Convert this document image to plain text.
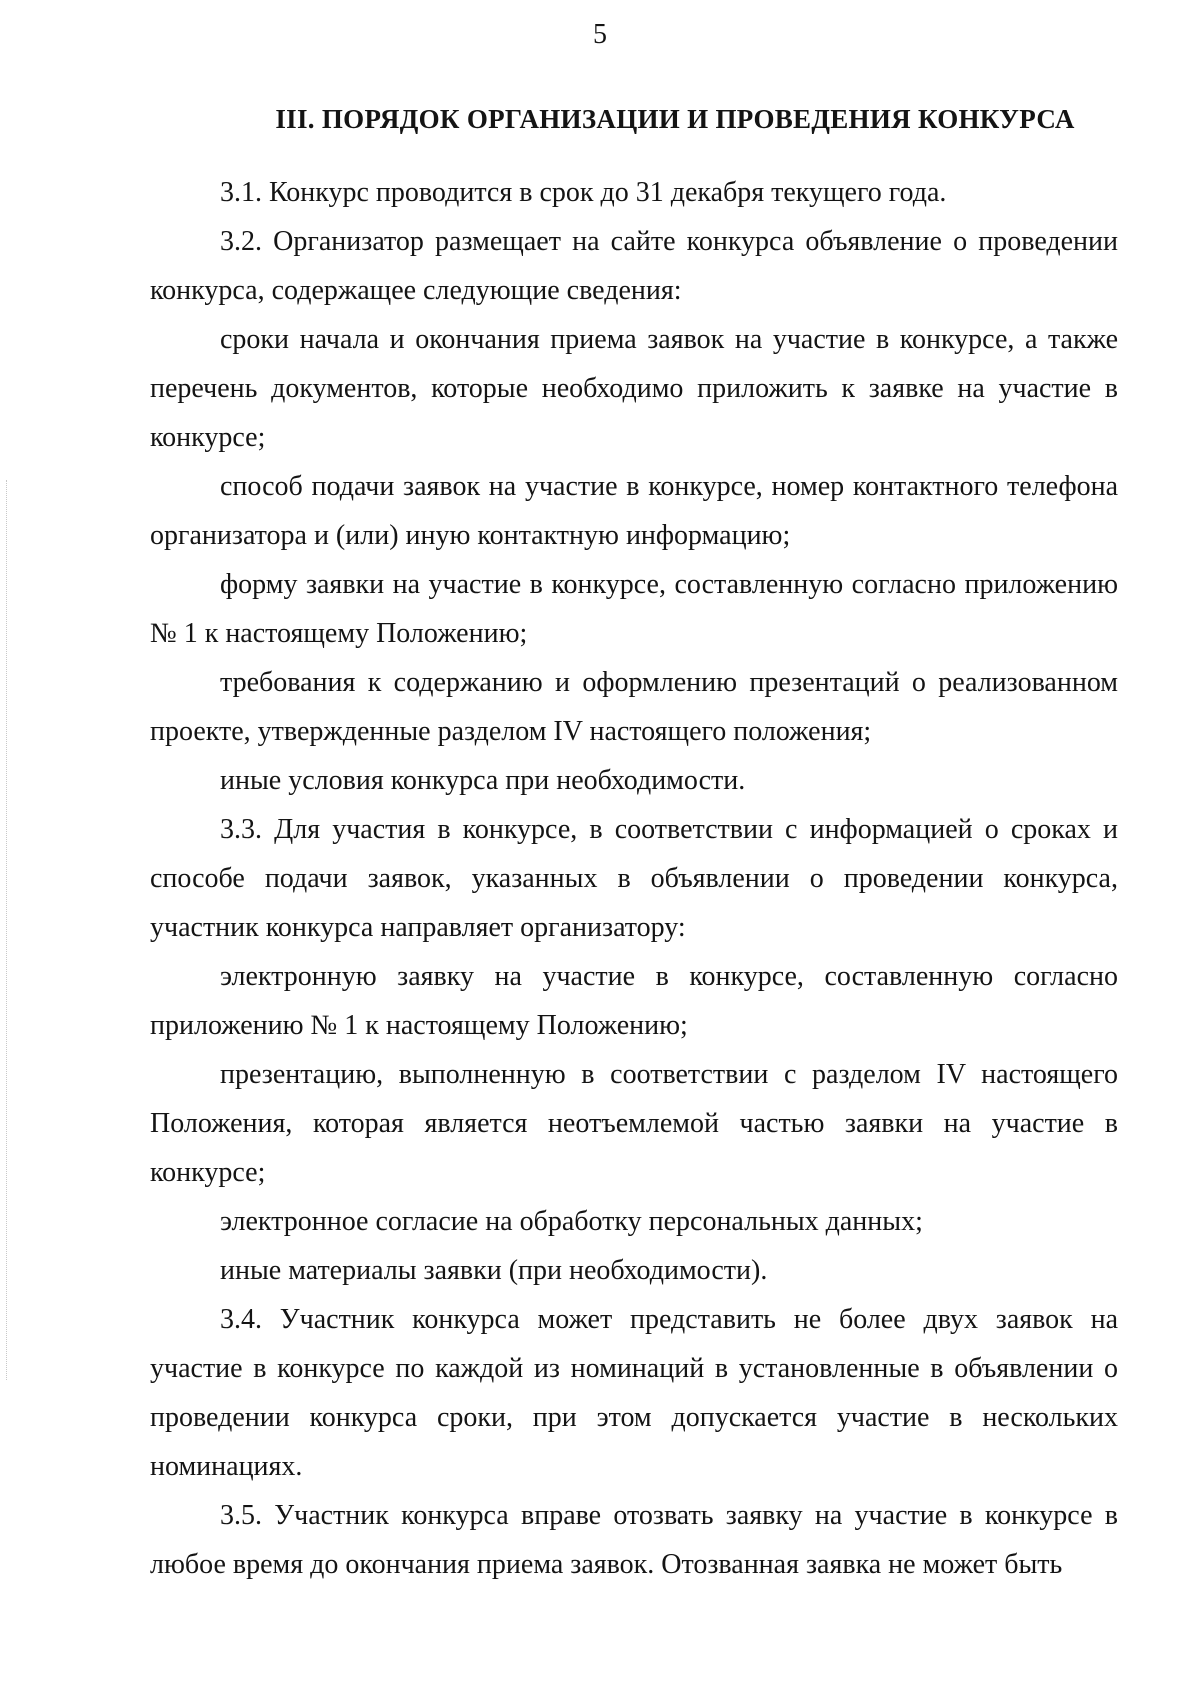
5
III. ПОРЯДОК ОРГАНИЗАЦИИ И ПРОВЕДЕНИЯ КОНКУРСА

3.1. Конкурс проводится в срок до 31 декабря текущего года.

3.2. Организатор размещает на сайте конкурса объявление о проведении конкурса, содержащее следующие сведения:

сроки начала и окончания приема заявок на участие в конкурсе, а также перечень документов, которые необходимо приложить к заявке на участие в конкурсе;

способ подачи заявок на участие в конкурсе, номер контактного телефона организатора и (или) иную контактную информацию;

форму заявки на участие в конкурсе, составленную согласно приложению № 1 к настоящему Положению;

требования к содержанию и оформлению презентаций о реализованном проекте, утвержденные разделом IV настоящего положения;

иные условия конкурса при необходимости.

3.3. Для участия в конкурсе, в соответствии с информацией о сроках и способе подачи заявок, указанных в объявлении о проведении конкурса, участник конкурса направляет организатору:

электронную заявку на участие в конкурсе, составленную согласно приложению № 1 к настоящему Положению;

презентацию, выполненную в соответствии с разделом IV настоящего Положения, которая является неотъемлемой частью заявки на участие в конкурсе;

электронное согласие на обработку персональных данных;

иные материалы заявки (при необходимости).

3.4. Участник конкурса может представить не более двух заявок на участие в конкурсе по каждой из номинаций в установленные в объявлении о проведении конкурса сроки, при этом допускается участие в нескольких номинациях.

3.5. Участник конкурса вправе отозвать заявку на участие в конкурсе в любое время до окончания приема заявок. Отозванная заявка не может быть
